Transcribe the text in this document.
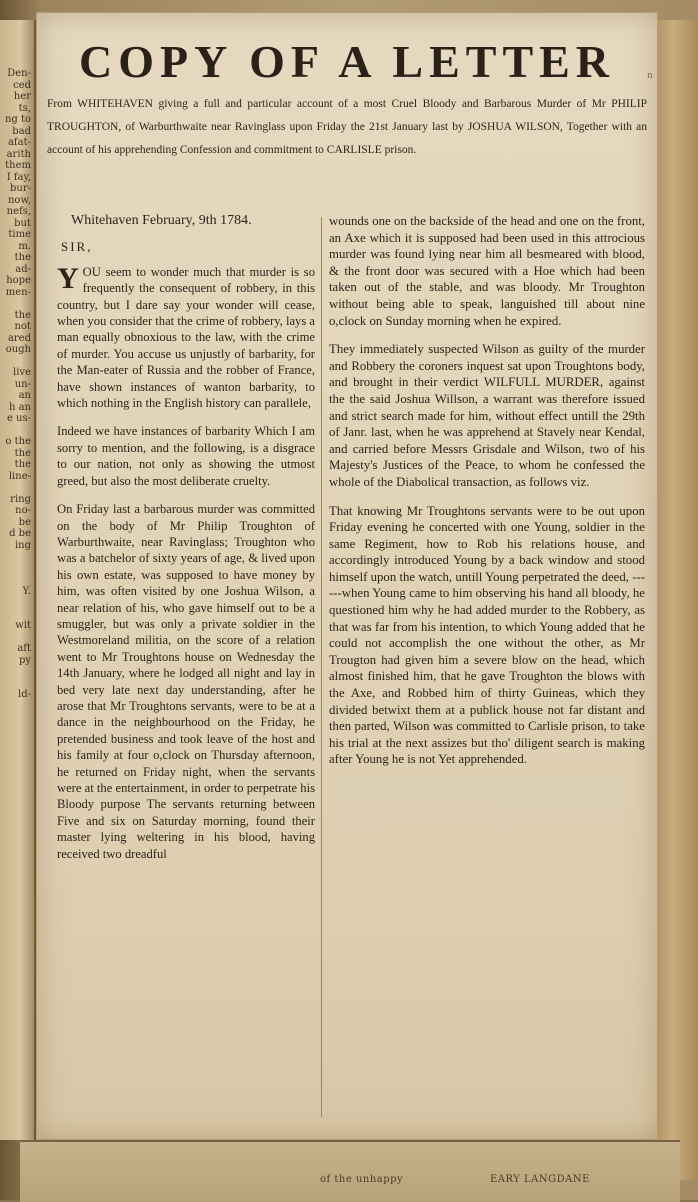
Den-
ced
her
ts,
ng to
bad
afat-
arith
them
I fay,
bur-
now,
nefs,
but
time
m.
the
ad-
hope
men-

the
not
ared
ough

live
un-
an
h an
e us-

o the
the
the
line-

ring
no-
be
d be
ing

Y.

wit

aft
py

ld-
COPY OF A LETTER	n
From WHITEHAVEN giving a full and particular account of a most Cruel Bloody and Barbarous Murder of Mr PHILIP TROUGHTON, of Warburthwaite near Ravinglass upon Friday the 21st January last by JOSHUA WILSON, Together with an account of his apprehending Confession and commitment to CARLISLE prison.

Whitehaven February, 9th 1784.

SIR,

YOU seem to wonder much that murder is so frequently the consequent of robbery, in this country, but I dare say your wonder will cease, when you consider that the crime of robbery, lays a man equally obnoxious to the law, with the crime of murder. You accuse us unjustly of barbarity, for the Man-eater of Russia and the robber of France, have shown instances of wanton barbarity, to which nothing in the English history can parallele,

Indeed we have instances of barbarity Which I am sorry to mention, and the following, is a disgrace to our nation, not only as showing the utmost greed, but also the most deliberate cruelty.

On Friday last a barbarous murder was committed on the body of Mr Philip Troughton of Warburthwaite, near Ravinglass; Troughton who was a batchelor of sixty years of age, & lived upon his own estate, was supposed to have money by him, was often visited by one Joshua Wilson, a near relation of his, who gave himself out to be a smuggler, but was only a private soldier in the Westmoreland militia, on the score of a relation went to Mr Troughtons house on Wednesday the 14th January, where he lodged all night and lay in bed very late next day understanding, after he arose that Mr Troughtons servants, were to be at a dance in the neighbourhood on the Friday, he pretended business and took leave of the host and his family at four o,clock on Thursday afternoon, he returned on Friday night, when the servants were at the entertainment, in order to perpetrate his Bloody purpose The servants returning between Five and six on Saturday morning, found their master lying weltering in his blood, having received two dreadful

wounds one on the backside of the head and one on the front, an Axe which it is supposed had been used in this attrocious murder was found lying near him all besmeared with blood, & the front door was secured with a Hoe which had been taken out of the stable, and was bloody. Mr Troughton without being able to speak, languished till about nine o,clock on Sunday morning when he expired.

They immediately suspected Wilson as guilty of the murder and Robbery the coroners inquest sat upon Troughtons body, and brought in their verdict WILFULL MURDER, against the the said Joshua Willson, a warrant was therefore issued and strict search made for him, without effect untill the 29th of Janr. last, when he was apprehend at Stavely near Kendal, and carried before Messrs Grisdale and Wilson, two of his Majesty's Justices of the Peace, to whom he confessed the whole of the Diabolical transaction, as follows viz.

That knowing Mr Troughtons servants were to be out upon Friday evening he concerted with one Young, soldier in the same Regiment, how to Rob his relations house, and accordingly introduced Young by a back window and stood himself upon the watch, untill Young perpetrated the deed, ------when Young came to him observing his hand all bloody, he questioned him why he had added murder to the Robbery, as that was far from his intention, to which Young added that he could not accomplish the one without the other, as Mr Trougton had given him a severe blow on the head, which almost finished him, that he gave Troughton the blows with the Axe, and Robbed him of thirty Guineas, which they divided betwixt them at a publick house not far distant and then parted, Wilson was committed to Carlisle prison, to take his trial at the next assizes but tho' diligent search is making after Young he is not Yet apprehended.

of the unhappy	EARY LANGDANE
